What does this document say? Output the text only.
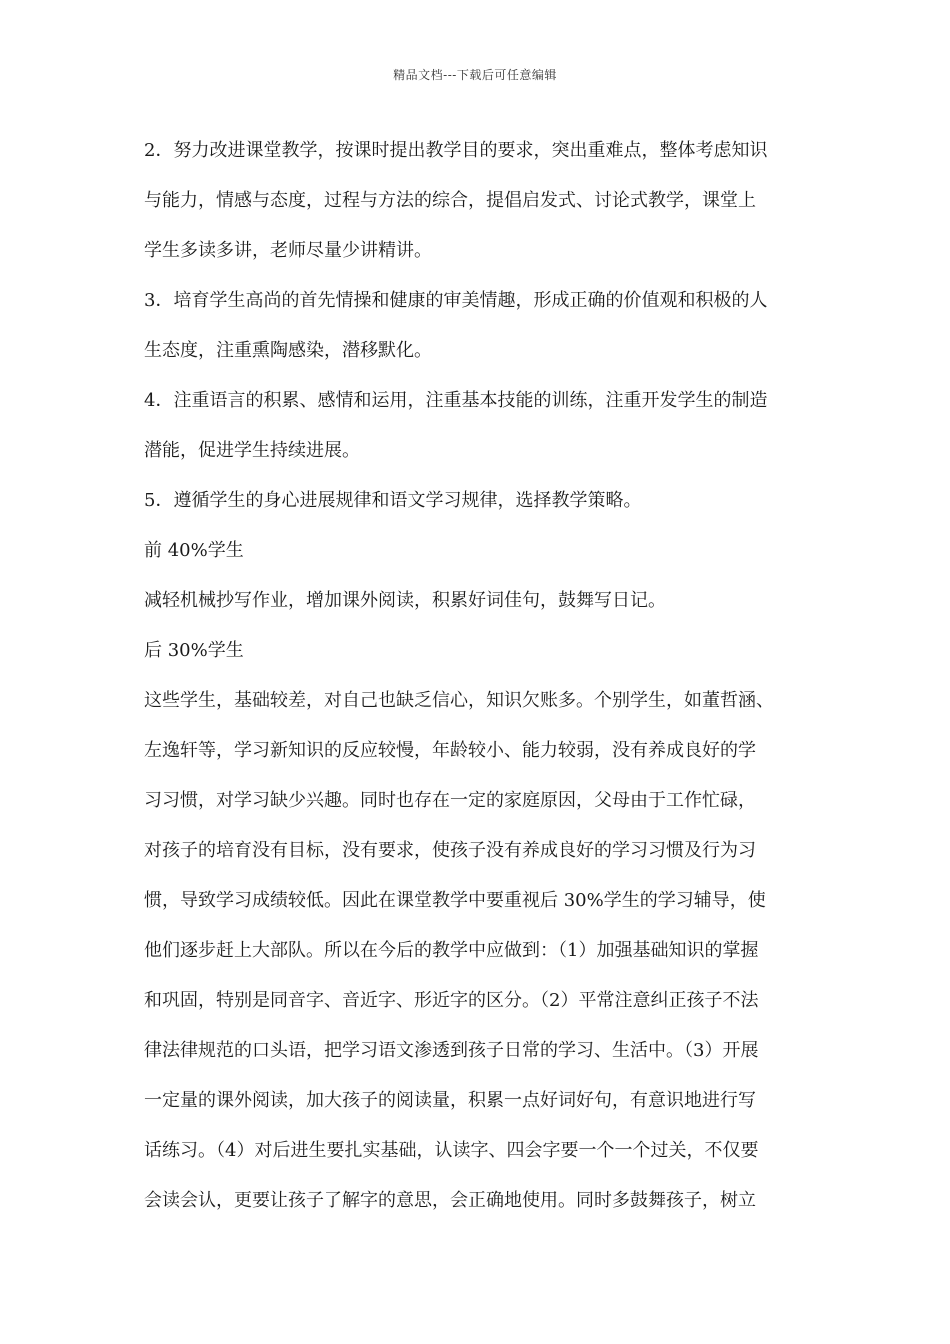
精品文档---下载后可任意编辑
2．努力改进课堂教学，按课时提出教学目的要求，突出重难点，整体考虑知识
与能力，情感与态度，过程与方法的综合，提倡启发式、讨论式教学，课堂上
学生多读多讲，老师尽量少讲精讲。
3．培育学生高尚的首先情操和健康的审美情趣，形成正确的价值观和积极的人
生态度，注重熏陶感染，潜移默化。
4．注重语言的积累、感情和运用，注重基本技能的训练，注重开发学生的制造
潜能，促进学生持续进展。
5．遵循学生的身心进展规律和语文学习规律，选择教学策略。
前 40%学生
减轻机械抄写作业，增加课外阅读，积累好词佳句，鼓舞写日记。
后 30%学生
这些学生，基础较差，对自己也缺乏信心，知识欠账多。个别学生，如董哲涵、
左逸轩等，学习新知识的反应较慢，年龄较小、能力较弱，没有养成良好的学
习习惯，对学习缺少兴趣。同时也存在一定的家庭原因，父母由于工作忙碌，
对孩子的培育没有目标，没有要求，使孩子没有养成良好的学习习惯及行为习
惯，导致学习成绩较低。因此在课堂教学中要重视后 30%学生的学习辅导，使
他们逐步赶上大部队。所以在今后的教学中应做到：（1）加强基础知识的掌握
和巩固，特别是同音字、音近字、形近字的区分。（2）平常注意纠正孩子不法
律法律规范的口头语，把学习语文渗透到孩子日常的学习、生活中。（3）开展
一定量的课外阅读，加大孩子的阅读量，积累一点好词好句，有意识地进行写
话练习。（4）对后进生要扎实基础，认读字、四会字要一个一个过关，不仅要
会读会认，更要让孩子了解字的意思，会正确地使用。同时多鼓舞孩子，树立
